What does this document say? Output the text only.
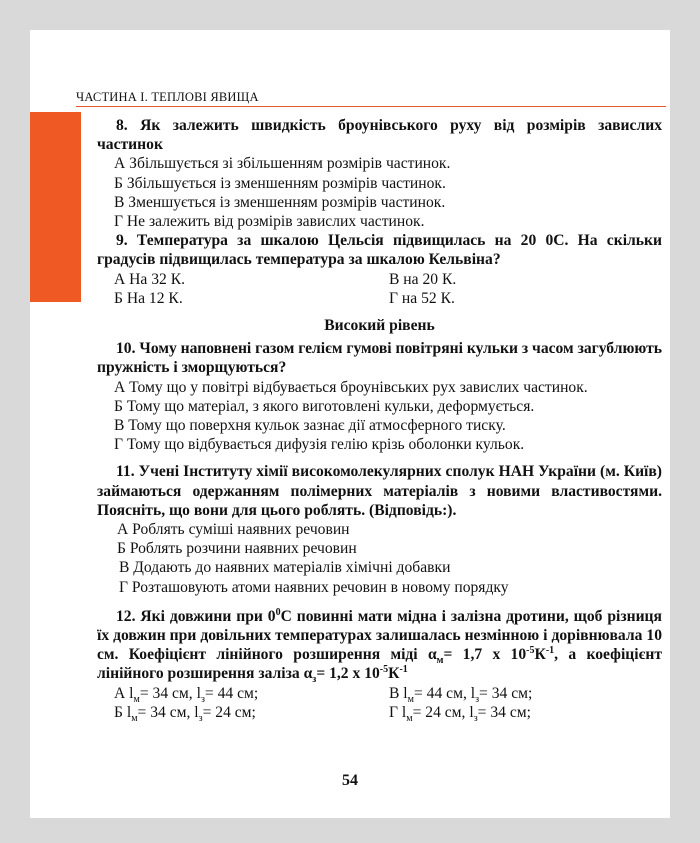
ЧАСТИНА I. ТЕПЛОВІ ЯВИЩА

8. Як залежить швидкість броунівського руху від розмірів завислих частинок

А Збільшується зі збільшенням розмірів частинок.

Б Збільшується із зменшенням розмірів частинок.

В Зменшується із зменшенням розмірів частинок.

Г Не залежить від розмірів завислих частинок.

9. Температура за шкалою Цельсія підвищилась на 20 0С. На скільки градусів підвищилась температура за шкалою Кельвіна?

А На 32 К.	В на 20 К.
Б На 12 К.	Г на 52 К.

Високий рівень

10. Чому наповнені газом гелієм гумові повітряні кульки з часом загублюють пружність і зморщуються?

А Тому що у повітрі відбувається броунівських рух завислих частинок.

Б Тому що матеріал, з якого виготовлені кульки, деформується.

В Тому що поверхня кульок зазнає дії атмосферного тиску.

Г Тому що відбувається дифузія гелію крізь оболонки кульок.

11. Учені Інституту хімії високомолекулярних сполук НАН України (м. Київ) займаються одержанням полімерних матеріалів з новими властивостями. Поясніть, що вони для цього роблять. (Відповідь:).

А Роблять суміші наявних речовин

Б Роблять розчини наявних речовин

В Додають до наявних матеріалів хімічні добавки

Г Розташовують атоми наявних речовин в новому порядку

12. Які довжини при $0^0С$ повинні мати мідна і залізна дротини, щоб різниця їх довжин при довільних температурах залишалась незмінною і дорівнювала 10 см. Коефіцієнт лінійного розширення міді $\alpha_м= 1,7$ х $10^{-5}К^{-1}$, а коефіцієнт лінійного розширення заліза $\alpha_з= 1,2$ х $10^{-5}К^{-1}$

А $l_м= 34$ см, $l_з= 44$ см;	В $l_м= 44$ см, $l_з= 34$ см;
Б $l_м= 34$ см, $l_з= 24$ см;	Г $l_м= 24$ см, $l_з= 34$ см;
54
